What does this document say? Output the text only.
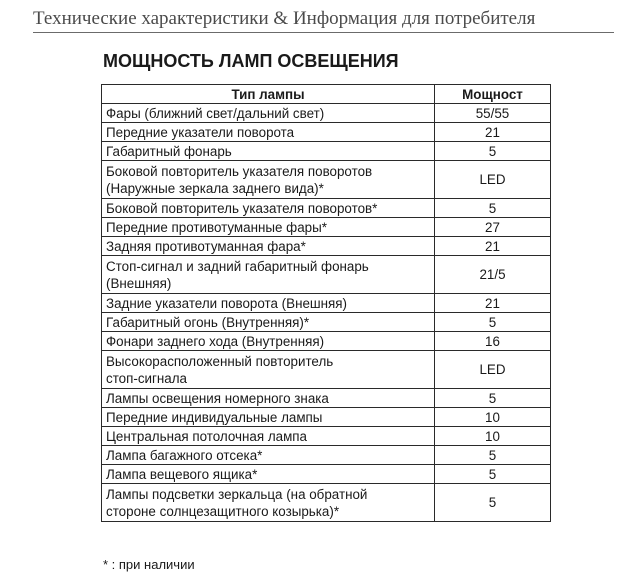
Технические характеристики & Информация для потребителя
МОЩНОСТЬ ЛАМП ОСВЕЩЕНИЯ
Тип лампы	Мощност

Фары (ближний свет/дальний свет)	55/55

Передние указатели поворота	21

Габаритный фонарь	5

Боковой повторитель указателя поворотов
(Наружные зеркала заднего вида)*	LED

Боковой повторитель указателя поворотов*	5

Передние противотуманные фары*	27

Задняя противотуманная фара*	21

Стоп-сигнал и задний габаритный фонарь
(Внешняя)	21/5

Задние указатели поворота (Внешняя)	21

Габаритный огонь (Внутренняя)*	5

Фонари заднего хода (Внутренняя)	16

Высокорасположенный повторитель
стоп-сигнала	LED

Лампы освещения номерного знака	5

Передние индивидуальные лампы	10

Центральная потолочная лампа	10

Лампа багажного отсека*	5

Лампа вещевого ящика*	5

Лампы подсветки зеркальца (на обратной
стороне солнцезащитного козырька)*	5
* : при наличии
